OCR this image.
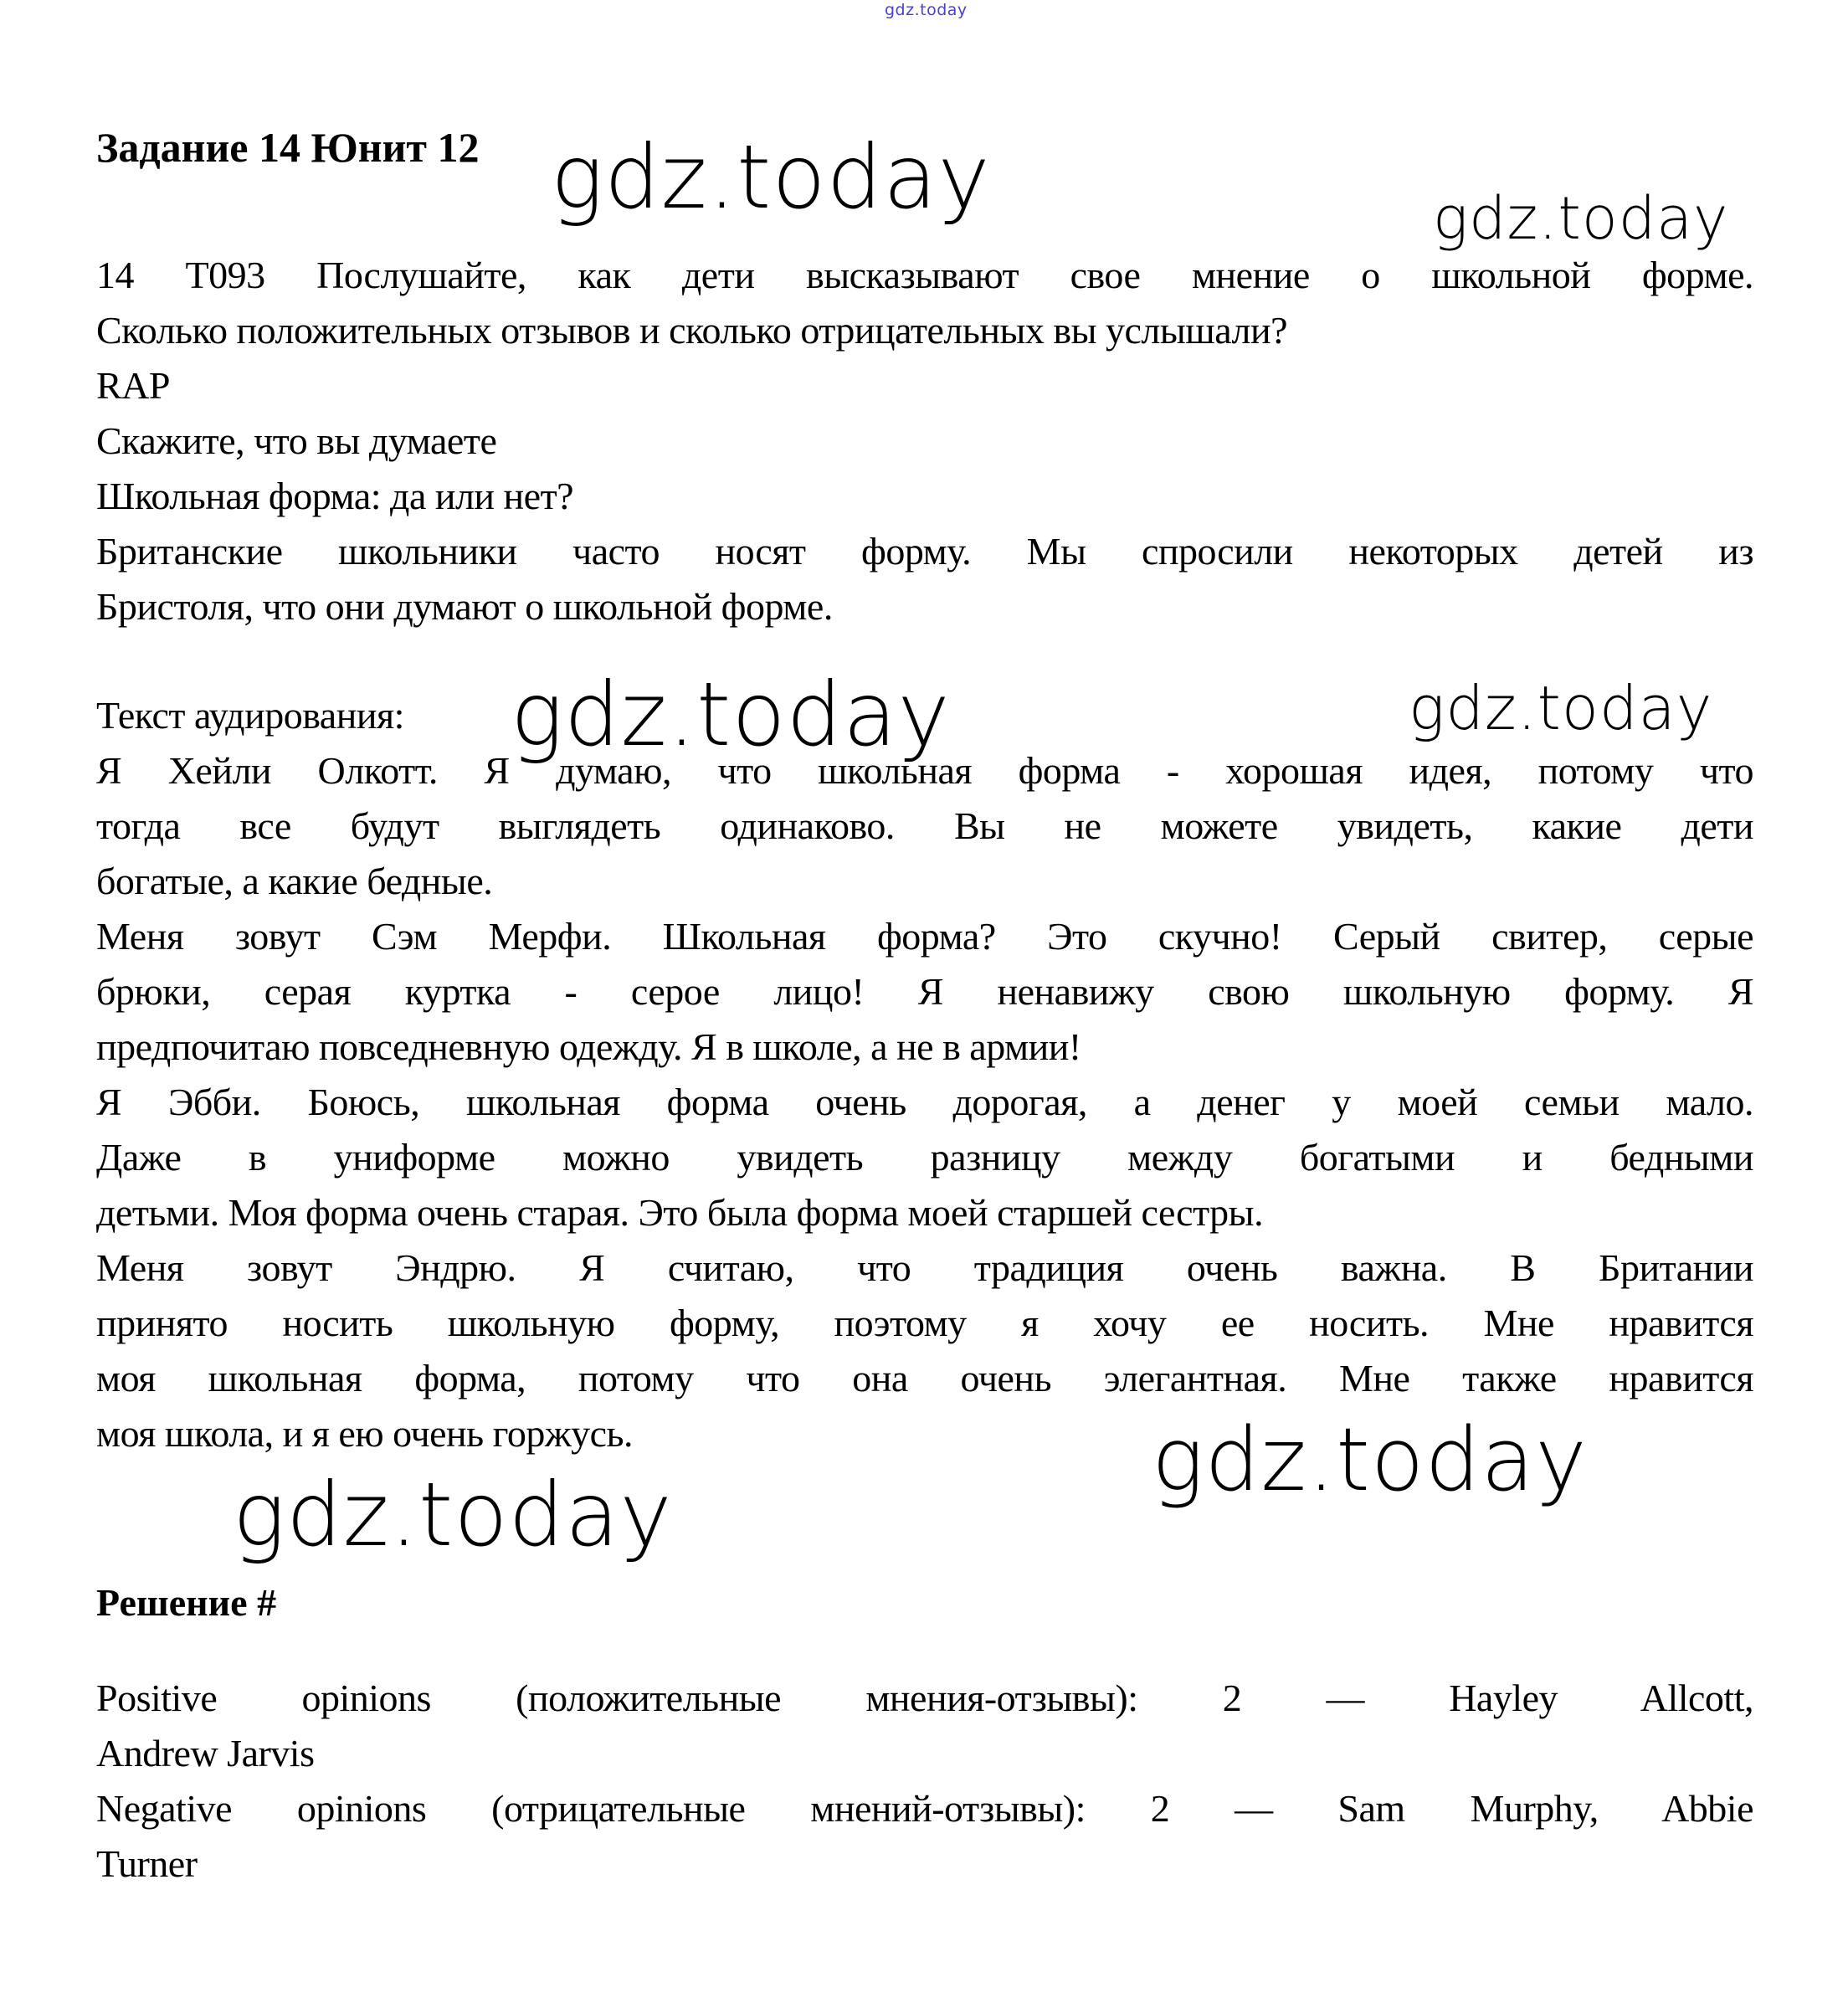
gdz.today
gdz.today	gdz.today
gdz.today	gdz.today
gdz.today
gdz.today
Задание 14 Юнит 12
14 Т093 Послушайте, как дети высказывают свое мнение о школьной форме.
Сколько положительных отзывов и сколько отрицательных вы услышали?
RAP
Скажите, что вы думаете
Школьная форма: да или нет?
Британские школьники часто носят форму. Мы спросили некоторых детей из
Бристоля, что они думают о школьной форме.
Текст аудирования:
Я Хейли Олкотт. Я думаю, что школьная форма - хорошая идея, потому что
тогда все будут выглядеть одинаково. Вы не можете увидеть, какие дети
богатые, а какие бедные.
Меня зовут Сэм Мерфи. Школьная форма? Это скучно! Серый свитер, серые
брюки, серая куртка - серое лицо! Я ненавижу свою школьную форму. Я
предпочитаю повседневную одежду. Я в школе, а не в армии!
Я Эбби. Боюсь, школьная форма очень дорогая, а денег у моей семьи мало.
Даже в униформе можно увидеть разницу между богатыми и бедными
детьми. Моя форма очень старая. Это была форма моей старшей сестры.
Меня зовут Эндрю. Я считаю, что традиция очень важна. В Британии
принято носить школьную форму, поэтому я хочу ее носить. Мне нравится
моя школьная форма, потому что она очень элегантная. Мне также нравится
моя школа, и я ею очень горжусь.
Решение #
Positive opinions (положительные мнения-отзывы): 2 — Hayley Allcott,
Andrew Jarvis
Negative opinions (отрицательные мнений-отзывы): 2 — Sam Murphy, Abbie
Turner
